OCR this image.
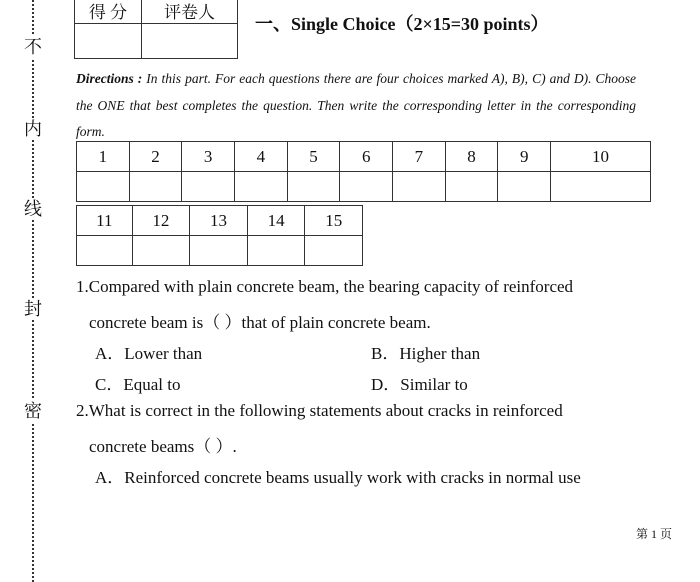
不
内
线
封
密
得 分	评卷人

一、Single Choice（2×15=30 points）
Directions : In this part. For each questions there are four choices marked A), B), C) and D). Choose the ONE that best completes the question. Then write the corresponding letter in the corresponding form.
1	2	3	4	5	6	7	8	9	10

11	12	13	14	15

1.Compared with plain concrete beam, the bearing capacity of reinforced
concrete beam is（ ）that of plain concrete beam.
A．Lower than	B．Higher than
C．Equal to	D．Similar to
2.What is correct in the following statements about cracks in reinforced
concrete beams（ ）.
A．Reinforced concrete beams usually work with cracks in normal use
第 1 页
